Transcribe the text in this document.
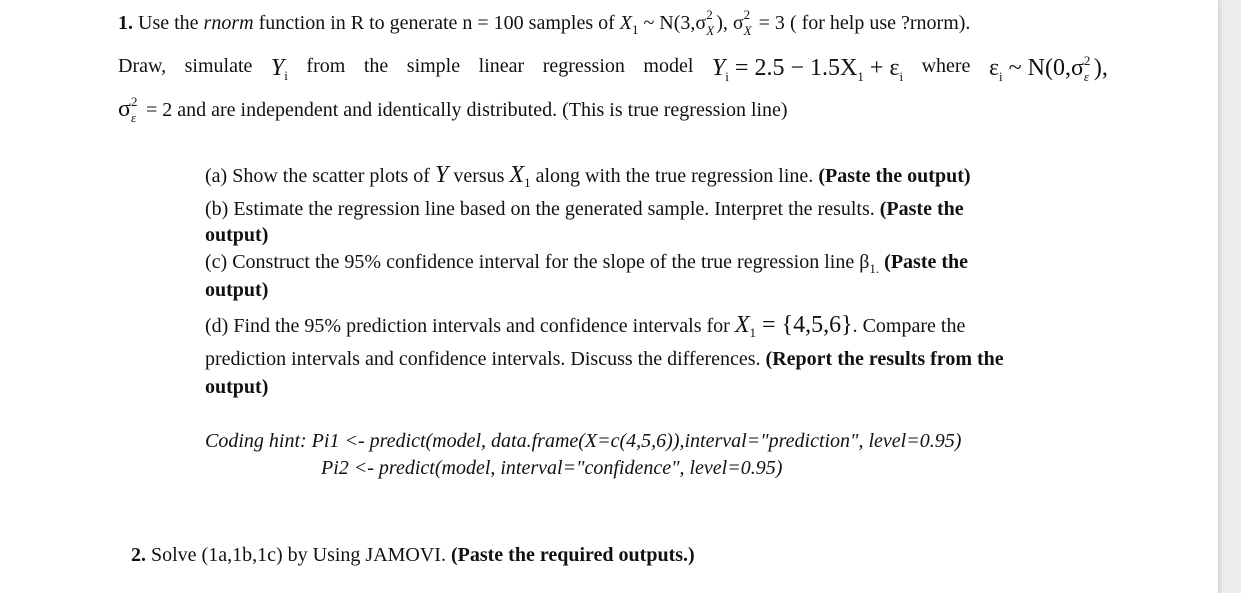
1. Use the rnorm function in R to generate n = 100 samples of $X_1$ ~ N(3,σ 2
X ), σ 2
X = 3 ( for help use ?rnorm).
Draw, simulate $Y_i$ from the simple linear regression model $Y_i = 2.5 - 1.5X_1 + \varepsilon_i$ where $\varepsilon_i$ ~ N(0,σ 2
ε ),
σ 2
ε = 2 and are independent and identically distributed. (This is true regression line)
(a) Show the scatter plots of Y versus $X_1$ along with the true regression line. (Paste the output)
(b) Estimate the regression line based on the generated sample. Interpret the results. (Paste the
output)
(c) Construct the 95% confidence interval for the slope of the true regression line $\beta_{1.}$ (Paste the
output)
(d) Find the 95% prediction intervals and confidence intervals for $X_1 = \{4,5,6\}$. Compare the
prediction intervals and confidence intervals. Discuss the differences. (Report the results from the
output)
Coding hint: Pi1 <- predict(model, data.frame(X=c(4,5,6)),interval="prediction", level=0.95)
Pi2 <- predict(model, interval="confidence", level=0.95)
2. Solve (1a,1b,1c) by Using JAMOVI. (Paste the required outputs.)
